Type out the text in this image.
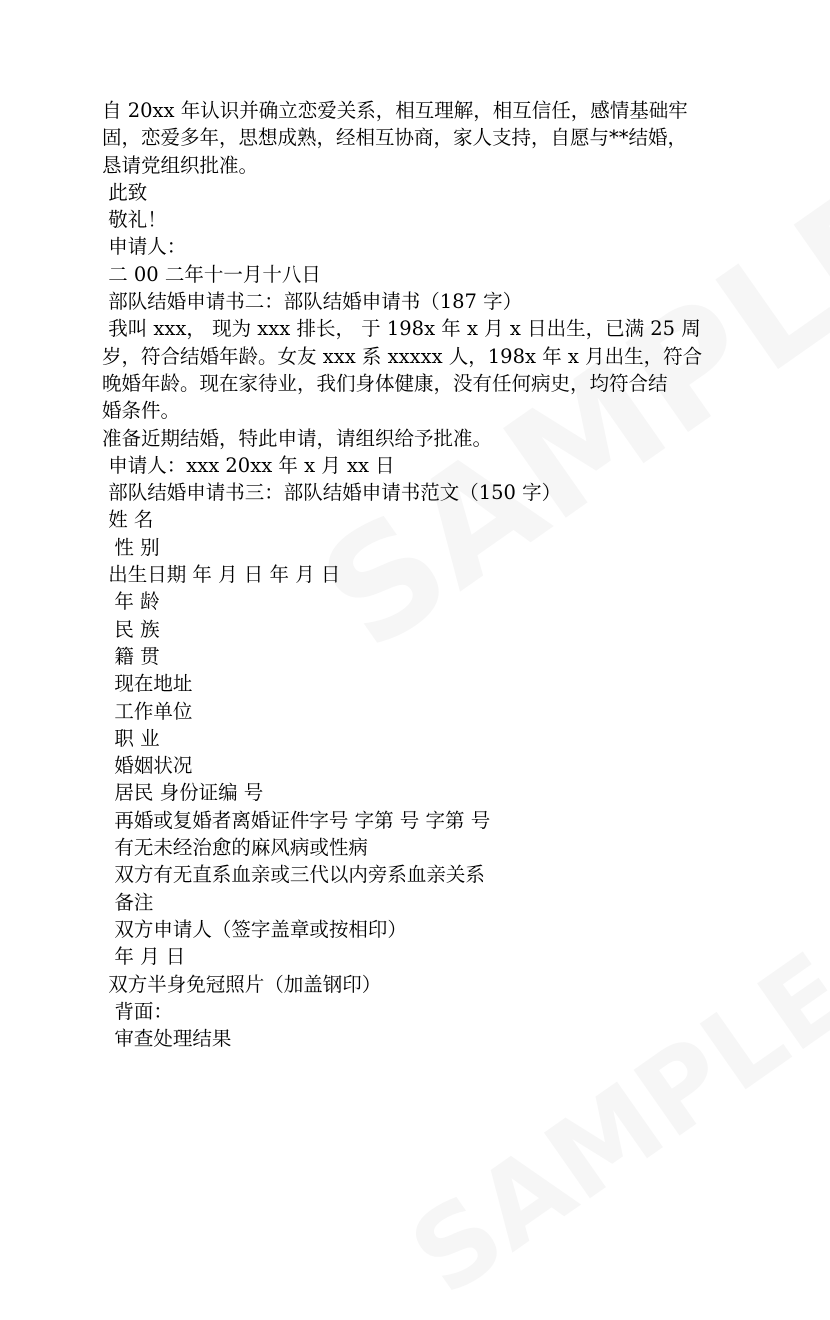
自 20xx 年认识并确立恋爱关系，相互理解，相互信任，感情基础牢
固，恋爱多年，思想成熟，经相互协商，家人支持，自愿与**结婚，
恳请党组织批准。
此致
敬礼！
申请人：
二 00 二年十一月十八日
部队结婚申请书二：部队结婚申请书（187 字）
我叫 xxx， 现为 xxx 排长， 于 198x 年 x 月 x 日出生，已满 25 周
岁，符合结婚年龄。女友 xxx 系 xxxxx 人，198x 年 x 月出生，符合
晚婚年龄。现在家待业，我们身体健康，没有任何病史，均符合结
婚条件。
准备近期结婚，特此申请，请组织给予批准。
申请人：xxx 20xx 年 x 月 xx 日
部队结婚申请书三：部队结婚申请书范文（150 字）
姓 名
性 别
出生日期 年 月 日 年 月 日
年 龄
民 族
籍 贯
现在地址
工作单位
职 业
婚姻状况
居民 身份证编 号
再婚或复婚者离婚证件字号 字第 号 字第 号
有无未经治愈的麻风病或性病
双方有无直系血亲或三代以内旁系血亲关系
备注
双方申请人（签字盖章或按相印）
年 月 日
双方半身免冠照片（加盖钢印）
背面：
审查处理结果
